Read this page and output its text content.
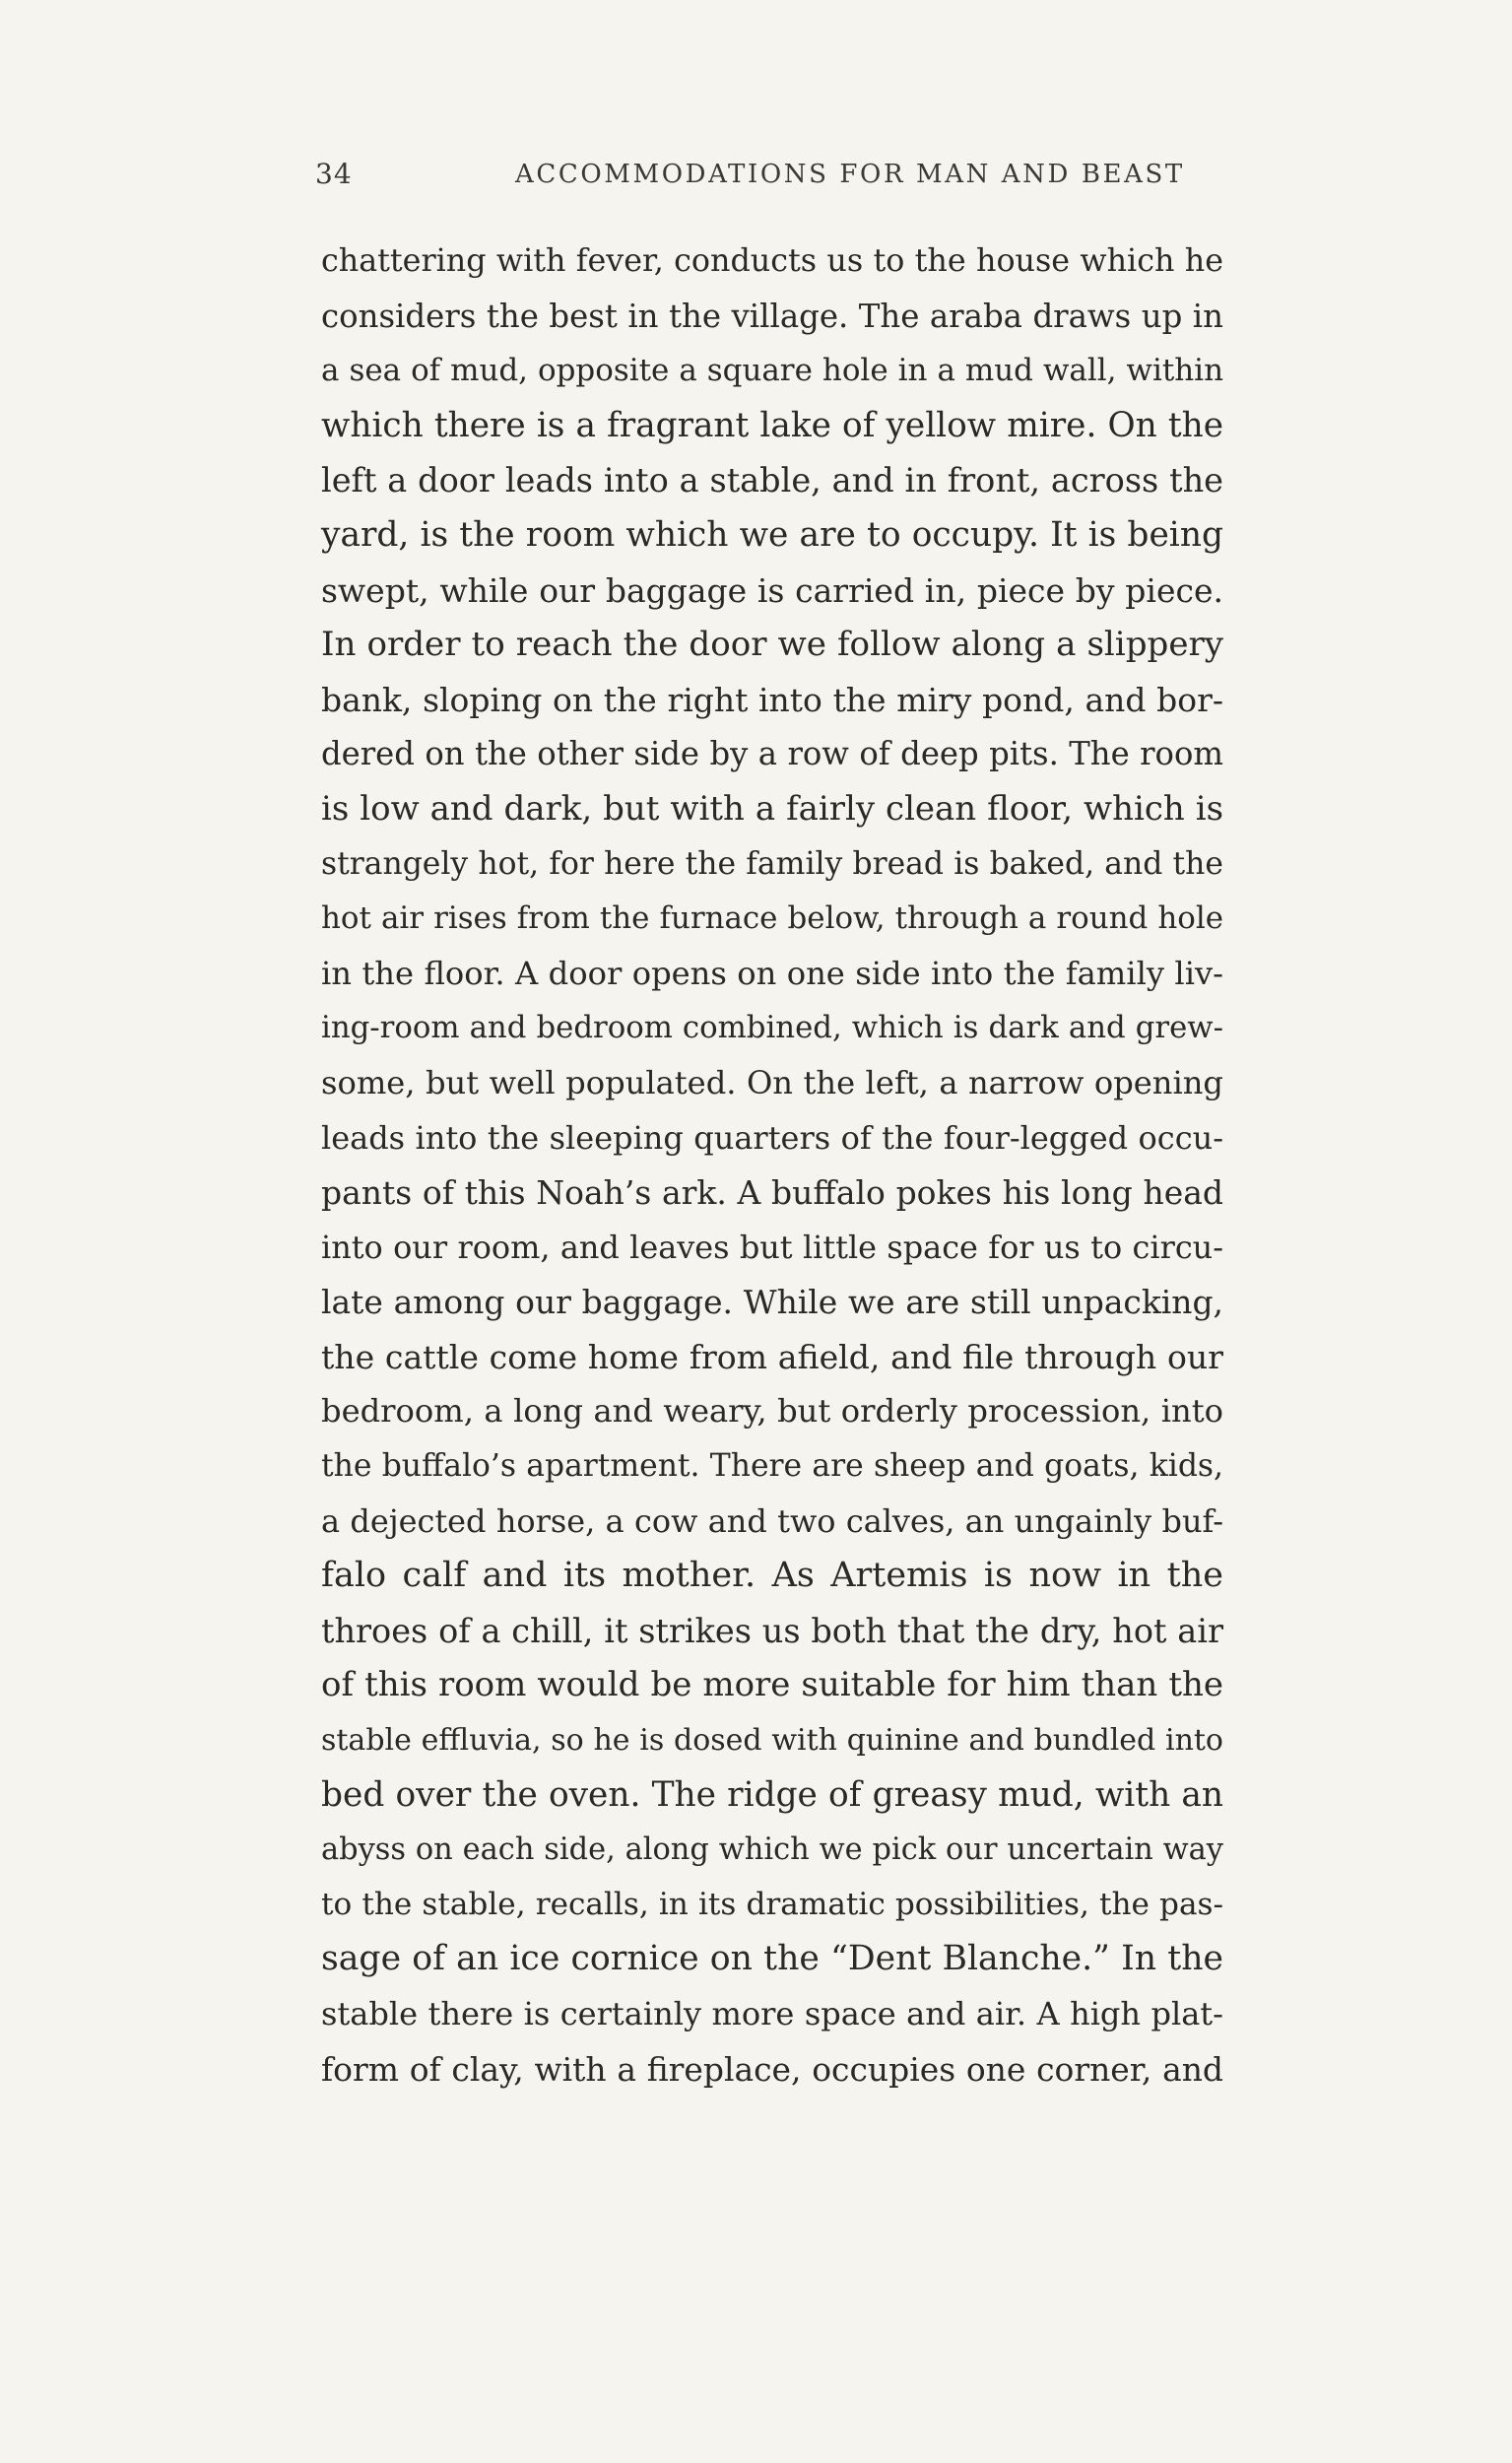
34	ACCOMMODATIONS FOR MAN AND BEAST
chattering with fever, conducts us to the house which he
considers the best in the village. The araba draws up in
a sea of mud, opposite a square hole in a mud wall, within
which there is a fragrant lake of yellow mire. On the
left a door leads into a stable, and in front, across the
yard, is the room which we are to occupy. It is being
swept, while our baggage is carried in, piece by piece.
In order to reach the door we follow along a slippery
bank, sloping on the right into the miry pond, and bor-
dered on the other side by a row of deep pits. The room
is low and dark, but with a fairly clean floor, which is
strangely hot, for here the family bread is baked, and the
hot air rises from the furnace below, through a round hole
in the floor. A door opens on one side into the family liv-
ing-room and bedroom combined, which is dark and grew-
some, but well populated. On the left, a narrow opening
leads into the sleeping quarters of the four-legged occu-
pants of this Noah’s ark. A buffalo pokes his long head
into our room, and leaves but little space for us to circu-
late among our baggage. While we are still unpacking,
the cattle come home from afield, and file through our
bedroom, a long and weary, but orderly procession, into
the buffalo’s apartment. There are sheep and goats, kids,
a dejected horse, a cow and two calves, an ungainly buf-
falo calf and its mother. As Artemis is now in the
throes of a chill, it strikes us both that the dry, hot air
of this room would be more suitable for him than the
stable effluvia, so he is dosed with quinine and bundled into
bed over the oven. The ridge of greasy mud, with an
abyss on each side, along which we pick our uncertain way
to the stable, recalls, in its dramatic possibilities, the pas-
sage of an ice cornice on the “Dent Blanche.” In the
stable there is certainly more space and air. A high plat-
form of clay, with a fireplace, occupies one corner, and
